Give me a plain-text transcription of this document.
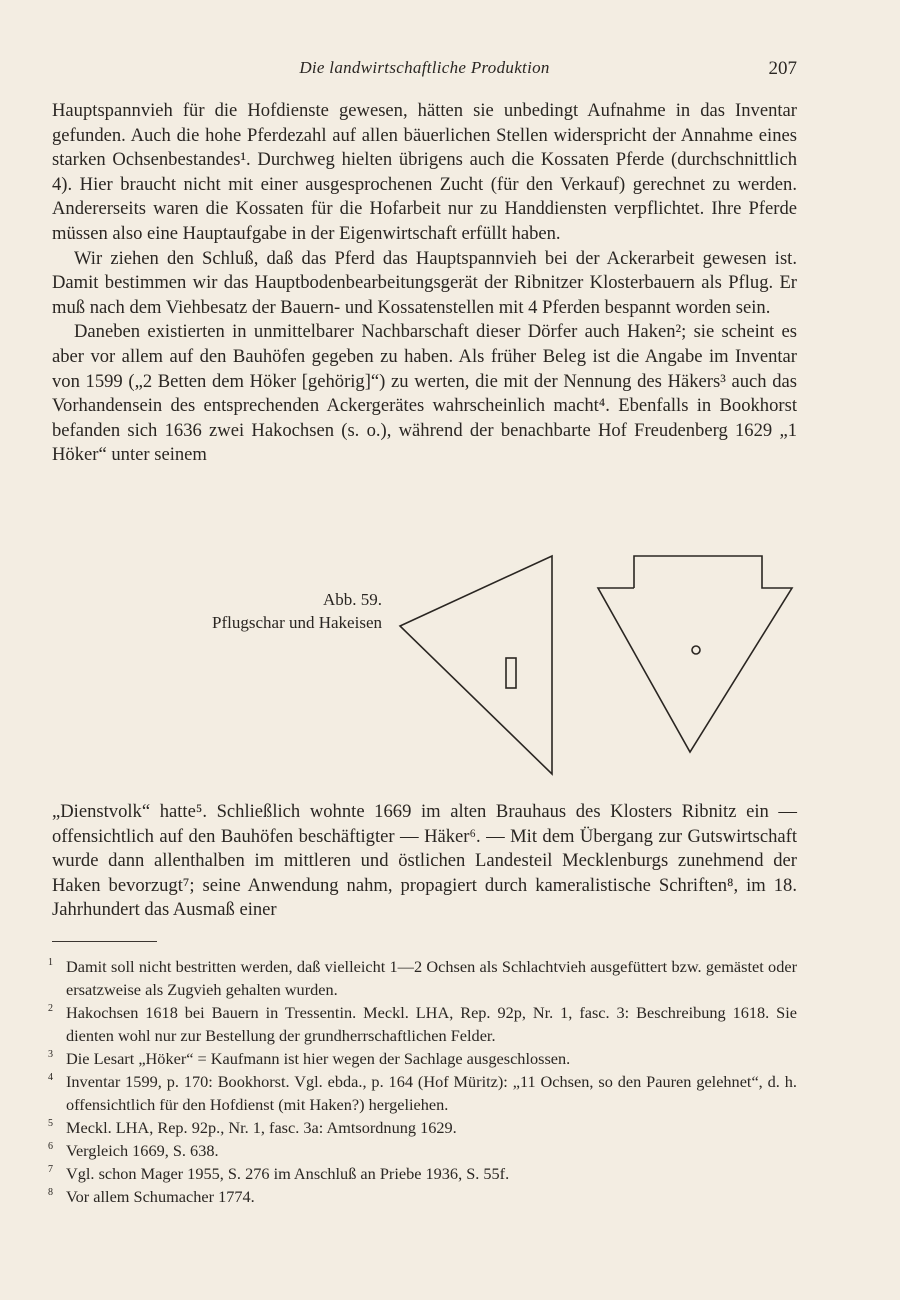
Die landwirtschaftliche Produktion	207

Hauptspannvieh für die Hofdienste gewesen, hätten sie unbedingt Aufnahme in das Inventar gefunden. Auch die hohe Pferdezahl auf allen bäuerlichen Stellen widerspricht der Annahme eines starken Ochsenbestandes¹. Durchweg hielten übrigens auch die Kossaten Pferde (durchschnittlich 4). Hier braucht nicht mit einer ausgesprochenen Zucht (für den Verkauf) gerechnet zu werden. Andererseits waren die Kossaten für die Hofarbeit nur zu Handdiensten verpflichtet. Ihre Pferde müssen also eine Hauptaufgabe in der Eigenwirtschaft erfüllt haben.

Wir ziehen den Schluß, daß das Pferd das Hauptspannvieh bei der Ackerarbeit gewesen ist. Damit bestimmen wir das Hauptbodenbearbeitungsgerät der Ribnitzer Klosterbauern als Pflug. Er muß nach dem Viehbesatz der Bauern- und Kossatenstellen mit 4 Pferden bespannt worden sein.

Daneben existierten in unmittelbarer Nachbarschaft dieser Dörfer auch Haken²; sie scheint es aber vor allem auf den Bauhöfen gegeben zu haben. Als früher Beleg ist die Angabe im Inventar von 1599 („2 Betten dem Höker [gehörig]“) zu werten, die mit der Nennung des Häkers³ auch das Vorhandensein des entsprechenden Ackergerätes wahrscheinlich macht⁴. Ebenfalls in Bookhorst befanden sich 1636 zwei Hakochsen (s. o.), während der benachbarte Hof Freudenberg 1629 „1 Höker“ unter seinem

Abb. 59.
Pflugschar und Hakeisen

„Dienstvolk“ hatte⁵. Schließlich wohnte 1669 im alten Brauhaus des Klosters Ribnitz ein — offensichtlich auf den Bauhöfen beschäftigter — Häker⁶. — Mit dem Übergang zur Gutswirtschaft wurde dann allenthalben im mittleren und östlichen Landesteil Mecklenburgs zunehmend der Haken bevorzugt⁷; seine Anwendung nahm, propagiert durch kameralistische Schriften⁸, im 18. Jahrhundert das Ausmaß einer

1 Damit soll nicht bestritten werden, daß vielleicht 1—2 Ochsen als Schlachtvieh ausgefüttert bzw. gemästet oder ersatzweise als Zugvieh gehalten wurden.
2 Hakochsen 1618 bei Bauern in Tressentin. Meckl. LHA, Rep. 92p, Nr. 1, fasc. 3: Beschreibung 1618. Sie dienten wohl nur zur Bestellung der grundherrschaftlichen Felder.
3 Die Lesart „Höker“ = Kaufmann ist hier wegen der Sachlage ausgeschlossen.
4 Inventar 1599, p. 170: Bookhorst. Vgl. ebda., p. 164 (Hof Müritz): „11 Ochsen, so den Pauren gelehnet“, d. h. offensichtlich für den Hofdienst (mit Haken?) hergeliehen.
5 Meckl. LHA, Rep. 92p., Nr. 1, fasc. 3a: Amtsordnung 1629.
6 Vergleich 1669, S. 638.
7 Vgl. schon Mager 1955, S. 276 im Anschluß an Priebe 1936, S. 55f.
8 Vor allem Schumacher 1774.
